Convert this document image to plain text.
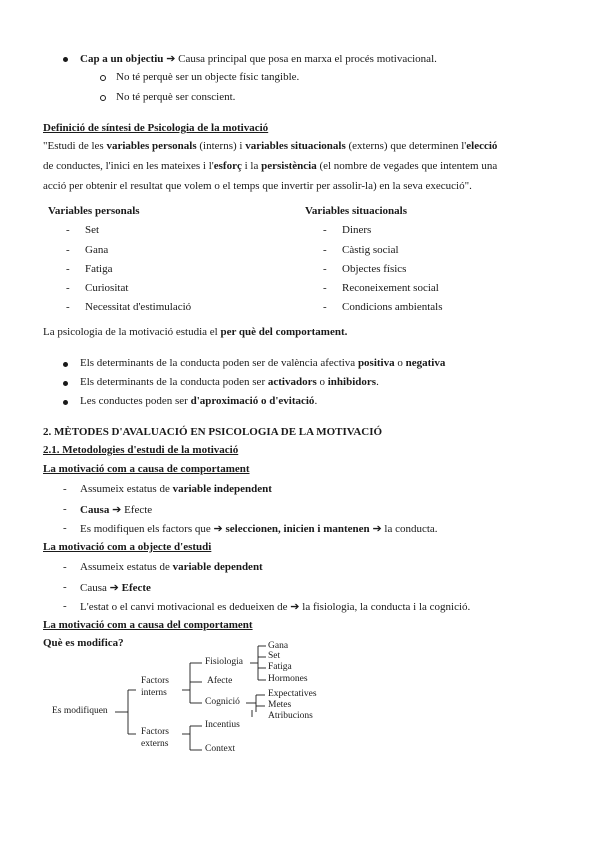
Cap a un objectiu ➔ Causa principal que posa en marxa el procés motivacional.
No té perquè ser un objecte físic tangible.
No té perquè ser conscient.
Definició de síntesi de Psicologia de la motivació
"Estudi de les variables personals (interns) i variables situacionals (externs) que determinen l'elecció
de conductes, l'inici en les mateixes i l'esforç i la persistència (el nombre de vegades que intentem una
acció per obtenir el resultat que volem o el temps que invertir per assolir-la) en la seva execució".
Variables personals	Variables situacionals
- Set
- Gana
- Fatiga
- Curiositat
- Necessitat d'estimulació
- Diners
- Càstig social
- Objectes físics
- Reconeixement social
- Condicions ambientals
La psicologia de la motivació estudia el per què del comportament.
Els determinants de la conducta poden ser de valència afectiva positiva o negativa
Els determinants de la conducta poden ser activadors o inhibidors.
Les conductes poden ser d'aproximació o d'evitació.
2. MÈTODES D'AVALUACIÓ EN PSICOLOGIA DE LA MOTIVACIÓ
2.1. Metodologies d'estudi de la motivació
La motivació com a causa de comportament
- Assumeix estatus de variable independent
- Causa ➔ Efecte
- Es modifiquen els factors que ➔ seleccionen, inicien i mantenen ➔ la conducta.
La motivació com a objecte d'estudi
- Assumeix estatus de variable dependent
- Causa ➔ Efecte
- L'estat o el canvi motivacional es dedueixen de ➔ la fisiologia, la conducta i la cognició.
La motivació com a causa del comportament
Què es modifica?
Es modifiquen
Factors
interns
Factors
externs
Fisiologia
Afecte
Cognició
Gana
Set
Fatiga
Hormones
Expectatives
Metes
Atribucions
Incentius
Context
